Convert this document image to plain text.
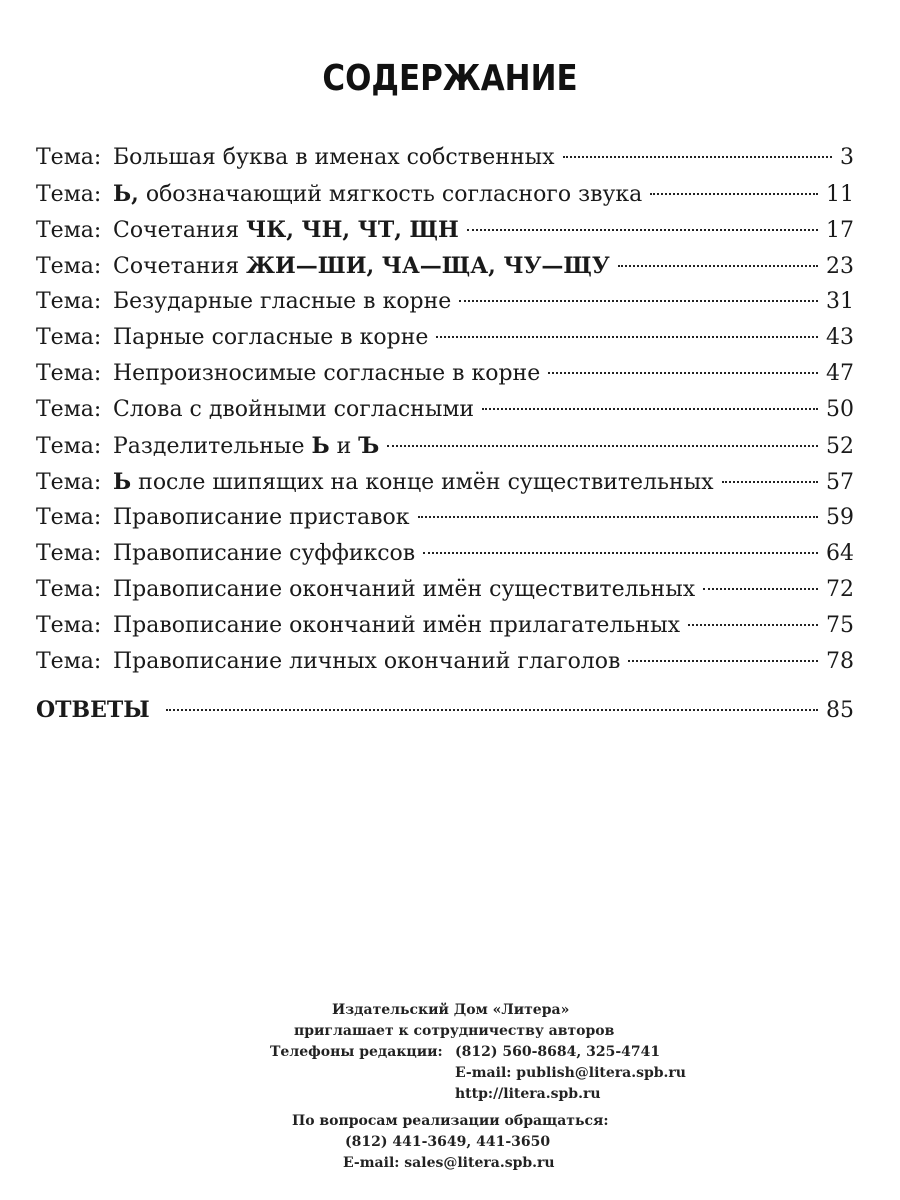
СОДЕРЖАНИЕ
Тема: Большая буква в именах собственных	3
Тема: Ь, обозначающий мягкость согласного звука	11
Тема: Сочетания ЧК, ЧН, ЧТ, ЩН	17
Тема: Сочетания ЖИ—ШИ, ЧА—ЩА, ЧУ—ЩУ	23
Тема: Безударные гласные в корне	31
Тема: Парные согласные в корне	43
Тема: Непроизносимые согласные в корне	47
Тема: Слова с двойными согласными	50
Тема: Разделительные Ь и Ъ	52
Тема: Ь после шипящих на конце имён существительных	57
Тема: Правописание приставок	59
Тема: Правописание суффиксов	64
Тема: Правописание окончаний имён существительных	72
Тема: Правописание окончаний имён прилагательных	75
Тема: Правописание личных окончаний глаголов	78
ОТВЕТЫ	85
Издательский Дом «Литера»
приглашает к сотрудничеству авторов
Телефоны редакции: (812) 560-8684, 325-4741
E-mail: publish@litera.spb.ru
http://litera.spb.ru
По вопросам реализации обращаться:
(812) 441-3649, 441-3650
E-mail: sales@litera.spb.ru
